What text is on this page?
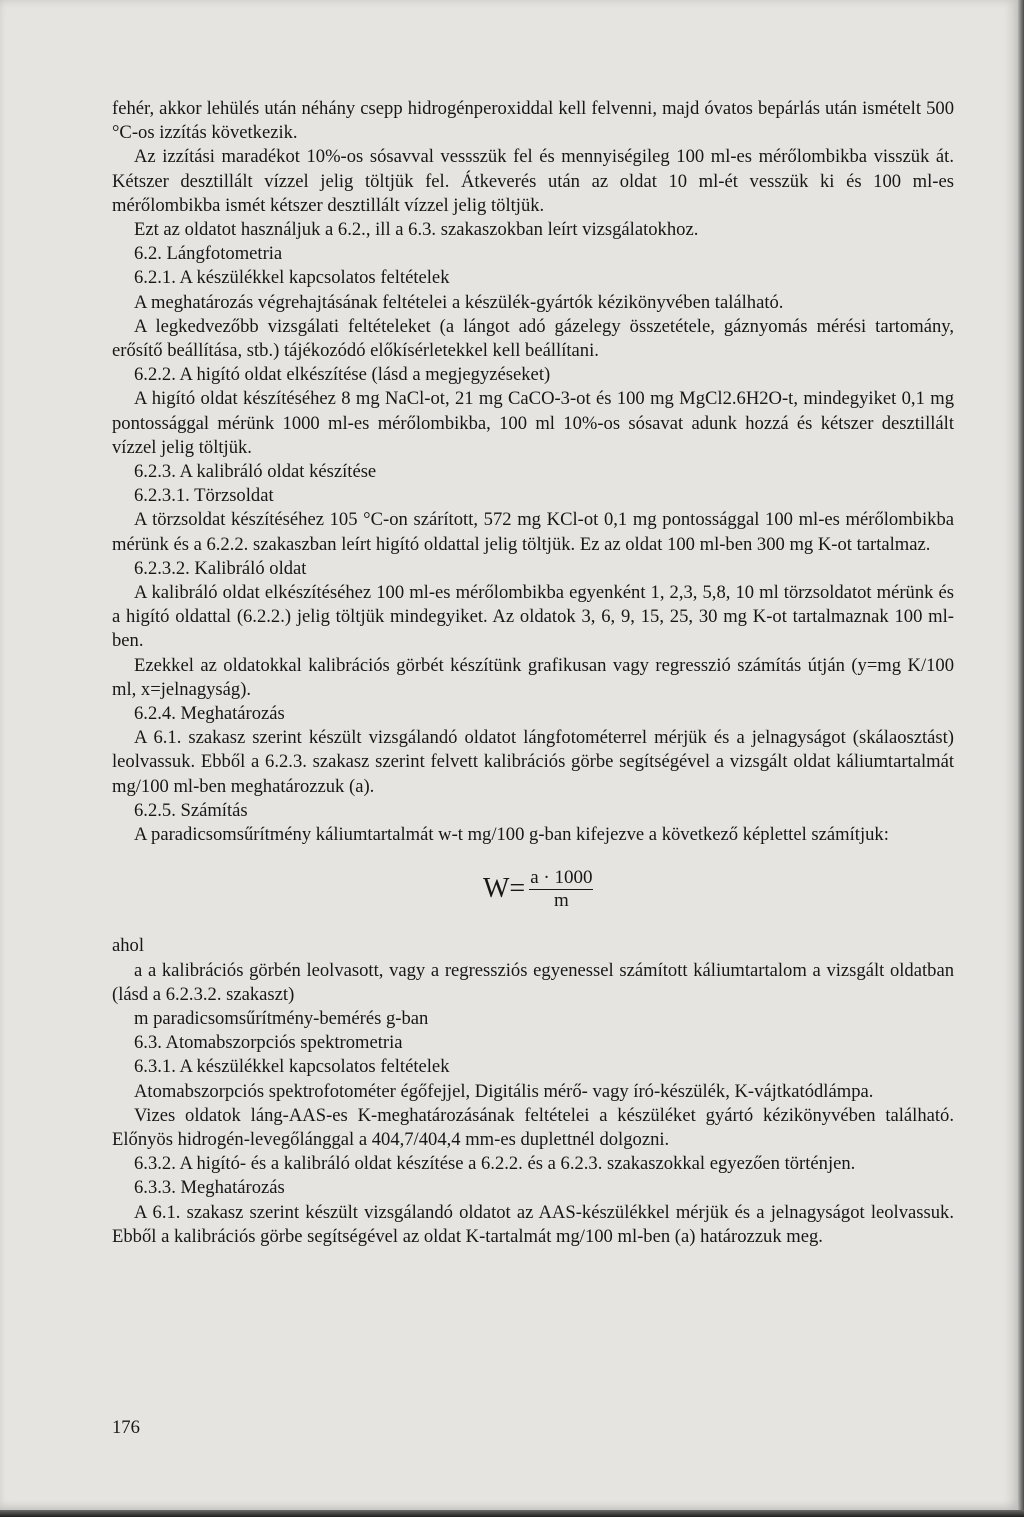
fehér, akkor lehülés után néhány csepp hidrogénperoxiddal kell felvenni, majd óvatos bepárlás után ismételt 500 °C-os izzítás következik.

Az izzítási maradékot 10%-os sósavval vessszük fel és mennyiségileg 100 ml-es mérőlombikba visszük át. Kétszer desztillált vízzel jelig töltjük fel. Átkeverés után az oldat 10 ml-ét vesszük ki és 100 ml-es mérőlombikba ismét kétszer desztillált vízzel jelig töltjük.

Ezt az oldatot használjuk a 6.2., ill a 6.3. szakaszokban leírt vizsgálatokhoz.

6.2. Lángfotometria

6.2.1. A készülékkel kapcsolatos feltételek

A meghatározás végrehajtásának feltételei a készülék-gyártók kézikönyvében található.

A legkedvezőbb vizsgálati feltételeket (a lángot adó gázelegy összetétele, gáznyomás mérési tartomány, erősítő beállítása, stb.) tájékozódó előkísérletekkel kell beállítani.

6.2.2. A higító oldat elkészítése (lásd a megjegyzéseket)

A higító oldat készítéséhez 8 mg NaCl-ot, 21 mg CaCO-3-ot és 100 mg MgCl2.6H2O-t, mindegyiket 0,1 mg pontossággal mérünk 1000 ml-es mérőlombikba, 100 ml 10%-os sósavat adunk hozzá és kétszer desztillált vízzel jelig töltjük.

6.2.3. A kalibráló oldat készítése

6.2.3.1. Törzsoldat

A törzsoldat készítéséhez 105 °C-on szárított, 572 mg KCl-ot 0,1 mg pontossággal 100 ml-es mérőlombikba mérünk és a 6.2.2. szakaszban leírt higító oldattal jelig töltjük. Ez az oldat 100 ml-ben 300 mg K-ot tartalmaz.

6.2.3.2. Kalibráló oldat

A kalibráló oldat elkészítéséhez 100 ml-es mérőlombikba egyenként 1, 2,3, 5,8, 10 ml törzsoldatot mérünk és a higító oldattal (6.2.2.) jelig töltjük mindegyiket. Az oldatok 3, 6, 9, 15, 25, 30 mg K-ot tartalmaznak 100 ml-ben.

Ezekkel az oldatokkal kalibrációs görbét készítünk grafikusan vagy regresszió számítás útján (y=mg K/100 ml, x=jelnagyság).

6.2.4. Meghatározás

A 6.1. szakasz szerint készült vizsgálandó oldatot lángfotométerrel mérjük és a jelnagyságot (skálaosztást) leolvassuk. Ebből a 6.2.3. szakasz szerint felvett kalibrációs görbe segítségével a vizsgált oldat káliumtartalmát mg/100 ml-ben meghatározzuk (a).

6.2.5. Számítás

A paradicsomsűrítmény káliumtartalmát w-t mg/100 g-ban kifejezve a következő képlettel számítjuk:

$W= \frac{a \cdot 1000}{m}$

ahol

a a kalibrációs görbén leolvasott, vagy a regressziós egyenessel számított káliumtartalom a vizsgált oldatban (lásd a 6.2.3.2. szakaszt)

m paradicsomsűrítmény-bemérés g-ban

6.3. Atomabszorpciós spektrometria

6.3.1. A készülékkel kapcsolatos feltételek

Atomabszorpciós spektrofotométer égőfejjel, Digitális mérő- vagy író-készülék, K-vájtkatódlámpa.

Vizes oldatok láng-AAS-es K-meghatározásának feltételei a készüléket gyártó kézikönyvében található. Előnyös hidrogén-levegőlánggal a 404,7/404,4 mm-es duplettnél dolgozni.

6.3.2. A higító- és a kalibráló oldat készítése a 6.2.2. és a 6.2.3. szakaszokkal egyezően történjen.

6.3.3. Meghatározás

A 6.1. szakasz szerint készült vizsgálandó oldatot az AAS-készülékkel mérjük és a jelnagyságot leolvassuk. Ebből a kalibrációs görbe segítségével az oldat K-tartalmát mg/100 ml-ben (a) határozzuk meg.

176
